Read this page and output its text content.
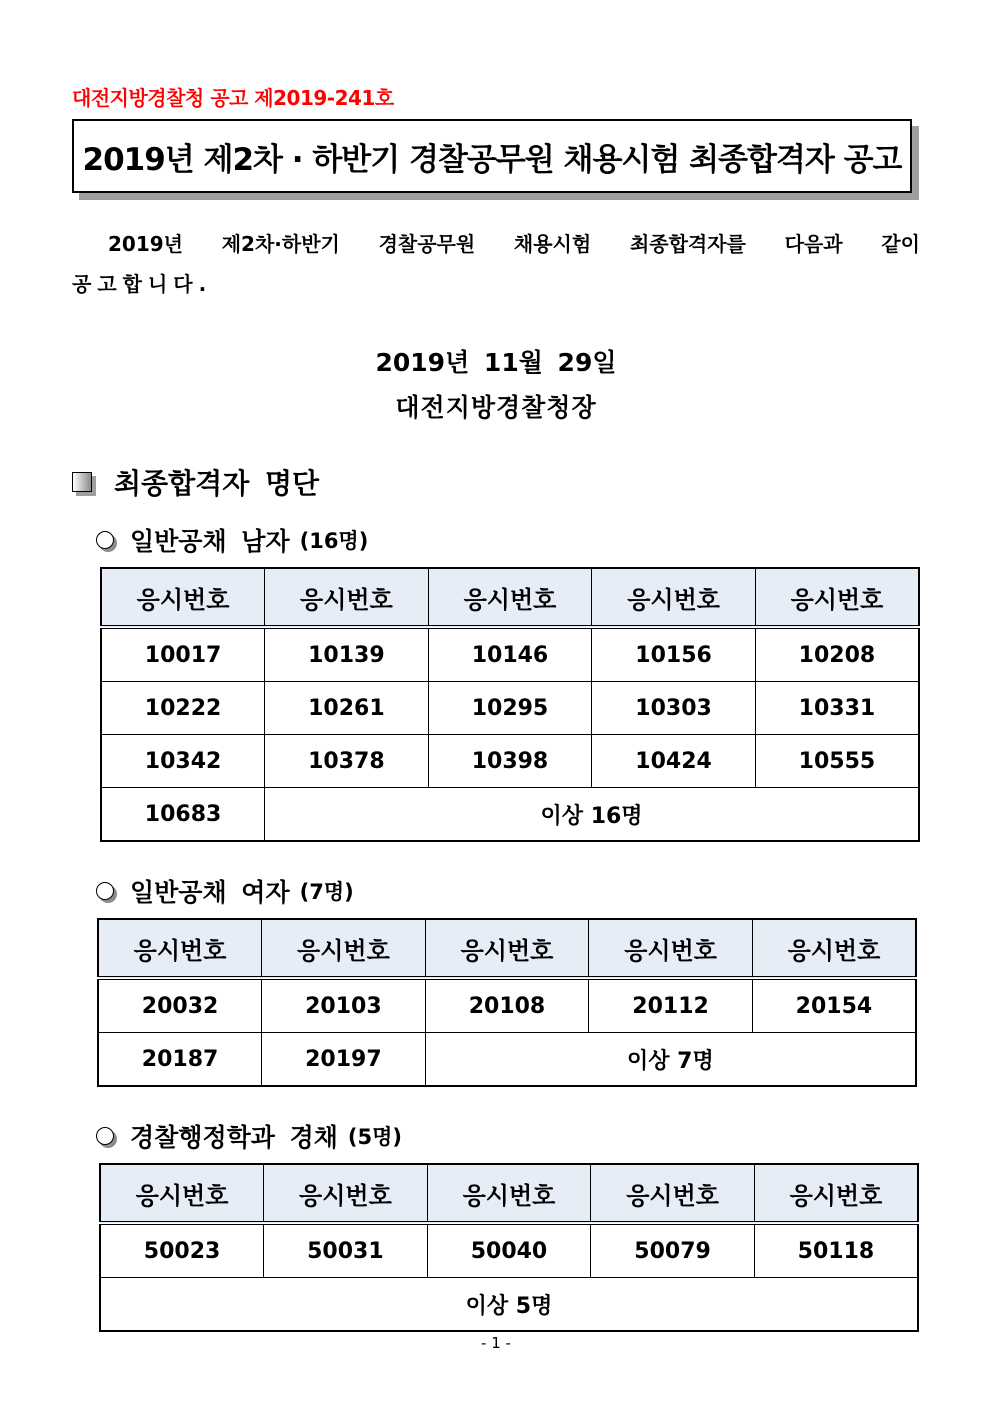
대전지방경찰청 공고 제2019-241호
2019년 제2차 · 하반기 경찰공무원 채용시험 최종합격자 공고
2019년 제2차·하반기 경찰공무원 채용시험 최종합격자를 다음과 같이
공고합니다.
2019년 11월 29일
대전지방경찰청장
최종합격자 명단
일반공채 남자 (16명)
응시번호	응시번호	응시번호	응시번호	응시번호
10017	10139	10146	10156	10208
10222	10261	10295	10303	10331
10342	10378	10398	10424	10555
10683	이상 16명			
일반공채 여자 (7명)
응시번호	응시번호	응시번호	응시번호	응시번호
20032	20103	20108	20112	20154
20187	20197	이상 7명		
경찰행정학과 경채 (5명)
응시번호	응시번호	응시번호	응시번호	응시번호
50023	50031	50040	50079	50118
이상 5명				
- 1 -
